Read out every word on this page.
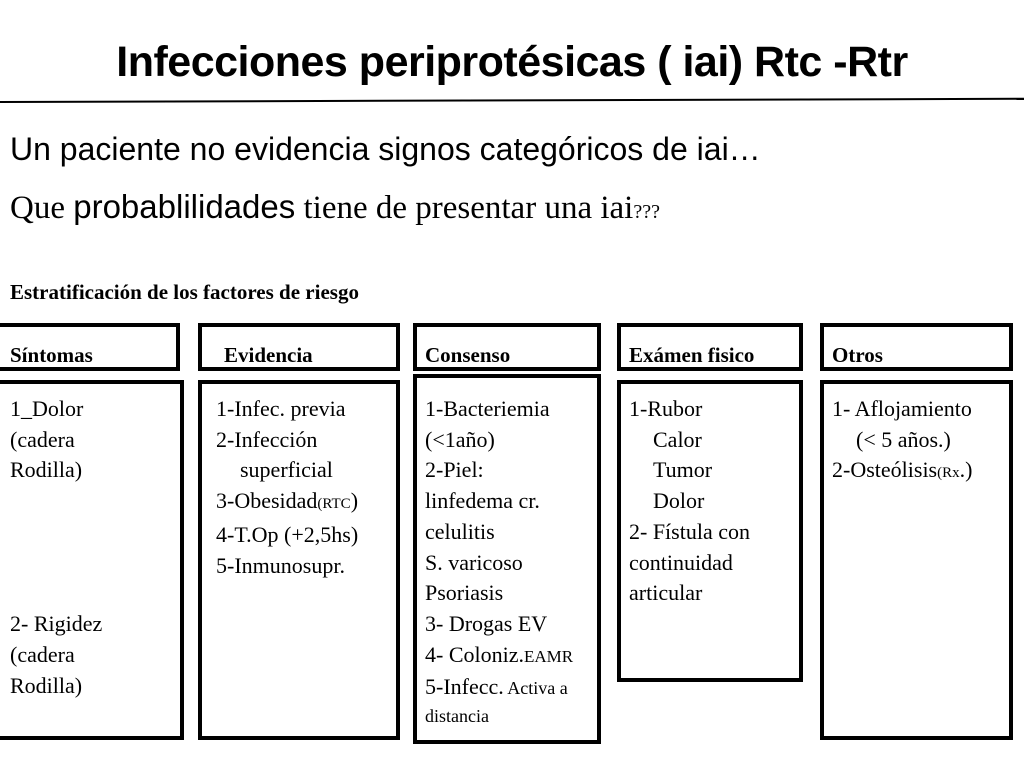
Infecciones periprotésicas ( iai) Rtc -Rtr
Un paciente no evidencia signos categóricos de iai…
Que probablilidades tiene de presentar una iai???
Estratificación de los factores de riesgo
Síntomas
1_Dolor
(cadera
Rodilla)
2- Rigidez
(cadera
Rodilla)
Evidencia
1-Infec. previa
2-Infección
superficial
3-Obesidad(RTC)
4-T.Op (+2,5hs)
5-Inmunosupr.
Consenso
1-Bacteriemia
(<1año)
2-Piel:
linfedema cr.
celulitis
S. varicoso
Psoriasis
3- Drogas EV
4- Coloniz.EAMR
5-Infecc. Activa a
distancia
Exámen fisico
1-Rubor
Calor
Tumor
Dolor
2- Fístula con
continuidad
articular
Otros
1- Aflojamiento
(< 5 años.)
2-Osteólisis(Rx.)
